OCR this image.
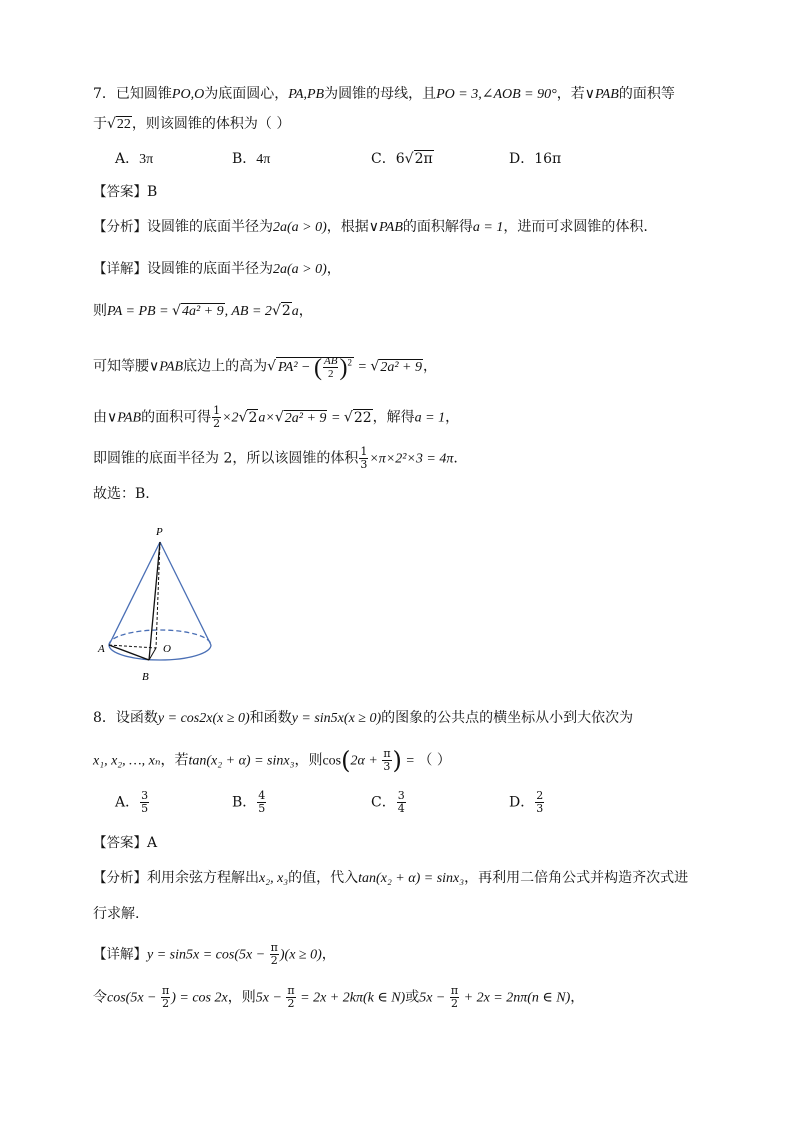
7．已知圆锥PO,O为底面圆心，PA,PB为圆锥的母线，且PO = 3,∠AOB = 90°，若∨PAB的面积等
于√22，则该圆锥的体积为（ ）
A．3π	B．4π	C．6√2π	D．16π
【答案】B
【分析】设圆锥的底面半径为2a(a > 0)，根据∨PAB的面积解得a = 1，进而可求圆锥的体积.
【详解】设圆锥的底面半径为2a(a > 0)，
则PA = PB = √4a² + 9, AB = 2√2a，
可知等腰∨PAB底边上的高为√ PA² − ( $\frac{AB}{2} )^2 = √2a^2 + 9$，
由∨PAB的面积可得 $\frac{1}{2} \times 2√2a\times√2a^2 + 9 = √22$，解得a = 1，
即圆锥的底面半径为 2，所以该圆锥的体积 $\frac{1}{3} \times\pi\times 2^2\times 3 = 4\pi$.
故选：B.
P
A	O
B
8．设函数y = cos2x(x ≥ 0)和函数y = sin5x(x ≥ 0)的图象的公共点的横坐标从小到大依次为
x₁, x₂, …, xₙ，若tan(x₂ + α) = sinx₃，则$\cos(2\alpha + \frac{\pi}{3}$ ) = （ ）
A． $\frac{3}{5}$	B． $\frac{4}{5}$	C． $\frac{3}{4}$	D． $\frac{2}{3}$
【答案】A
【分析】利用余弦方程解出x₂, x₃的值，代入tan(x₂ + α) = sinx₃，再利用二倍角公式并构造齐次式进
行求解.
【详解】$y = \sin 5x = \cos(5x - \frac{\pi}{2} )(x \ge 0)$，
令$\cos(5x - \frac{\pi}{2}$ ) = cos 2x，则$5x - \frac{\pi}{2} = 2x + 2k\pi(k$ ∈ N)或$5x - \frac{\pi}{2} + 2x = 2n\pi(n$ ∈ N)，
